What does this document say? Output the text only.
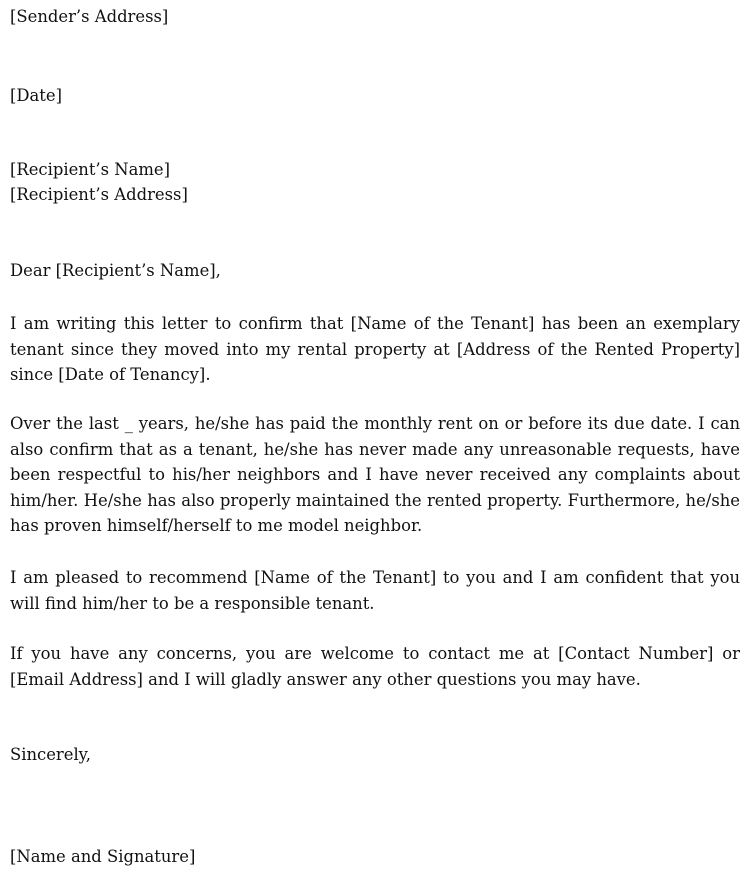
[Sender’s Address]
[Date]
[Recipient’s Name]
[Recipient’s Address]
Dear [Recipient’s Name],
I am writing this letter to confirm that [Name of the Tenant] has been an exemplary tenant since they moved into my rental property at [Address of the Rented Property] since [Date of Tenancy].
Over the last _ years, he/she has paid the monthly rent on or before its due date. I can also confirm that as a tenant, he/she has never made any unreasonable requests, have been respectful to his/her neighbors and I have never received any complaints about him/her. He/she has also properly maintained the rented property. Furthermore, he/she has proven himself/herself to me model neighbor.
I am pleased to recommend [Name of the Tenant] to you and I am confident that you will find him/her to be a responsible tenant.
If you have any concerns, you are welcome to contact me at [Contact Number] or [Email Address] and I will gladly answer any other questions you may have.
Sincerely,
[Name and Signature]
